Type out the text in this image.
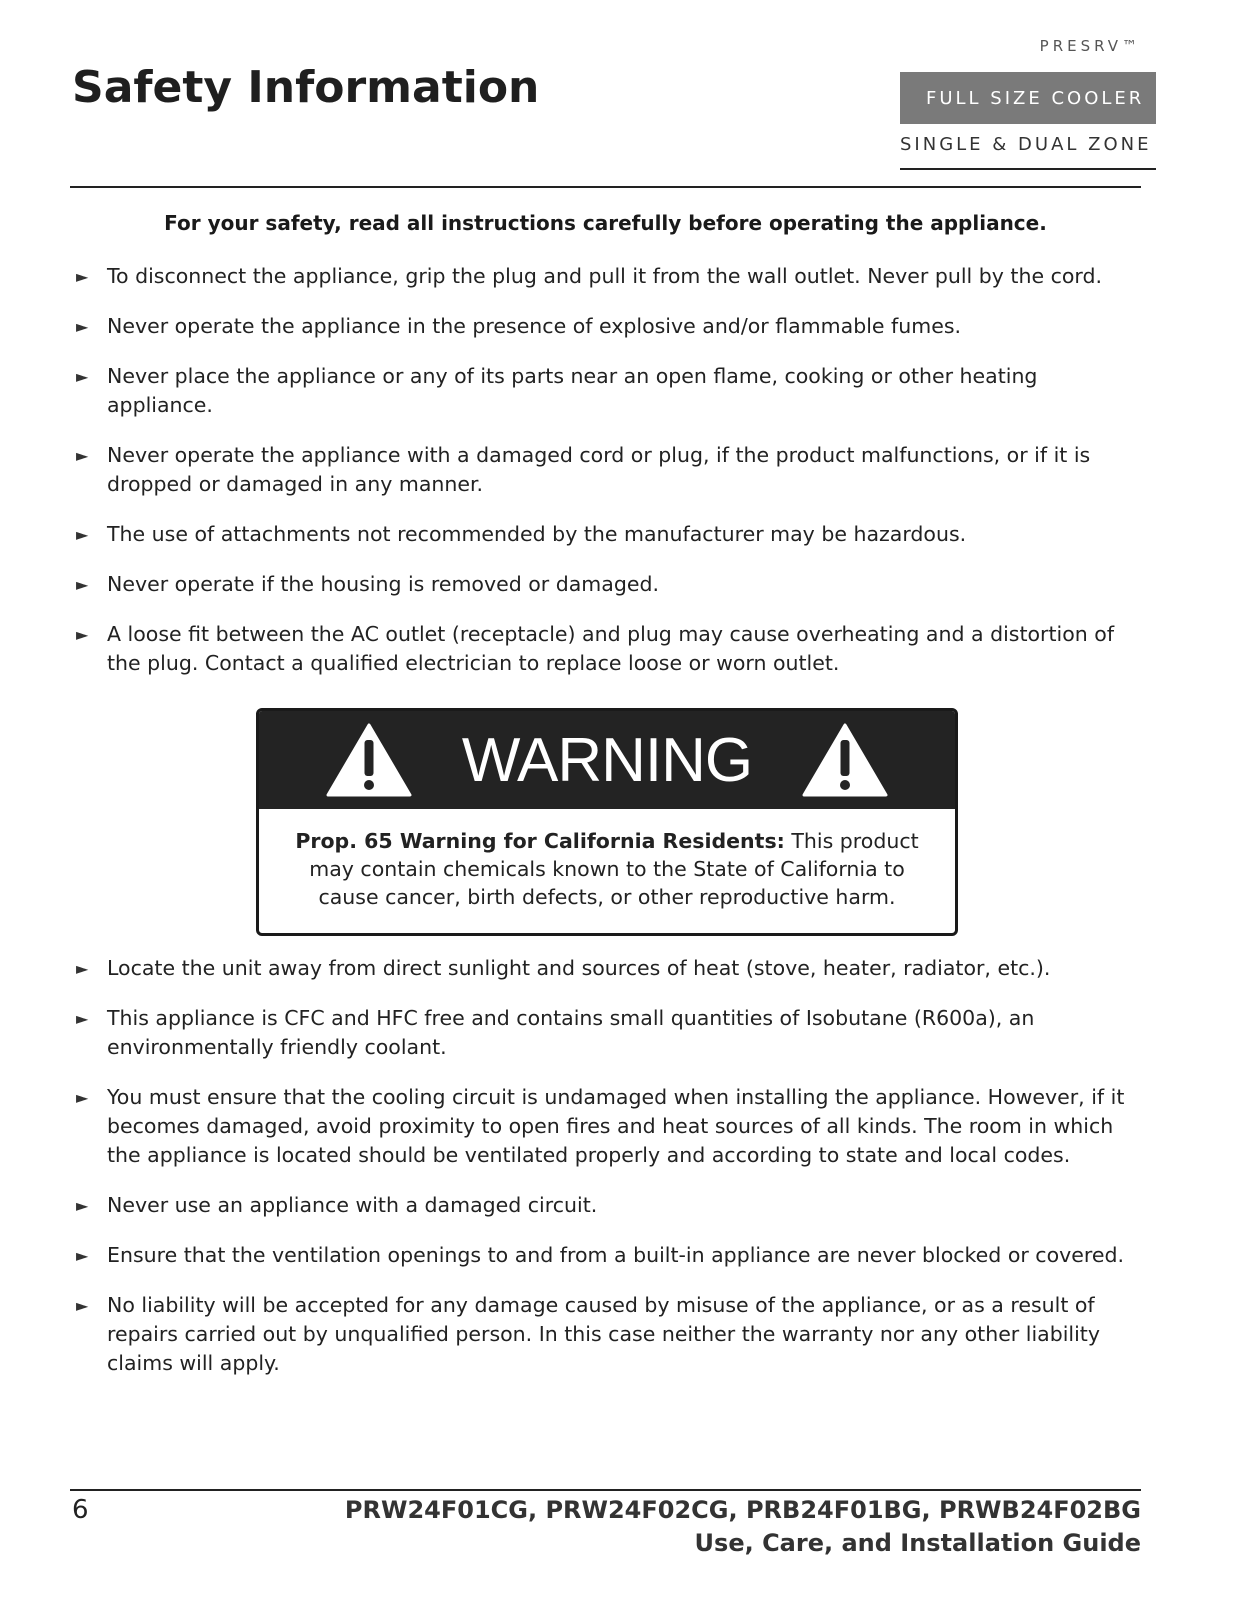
Safety Information
PRESRV™
FULL SIZE COOLER
SINGLE & DUAL ZONE
For your safety, read all instructions carefully before operating the appliance.
► To disconnect the appliance, grip the plug and pull it from the wall outlet. Never pull by the cord.
► Never operate the appliance in the presence of explosive and/or flammable fumes.
► Never place the appliance or any of its parts near an open flame, cooking or other heating appliance.
► Never operate the appliance with a damaged cord or plug, if the product malfunctions, or if it is dropped or damaged in any manner.
► The use of attachments not recommended by the manufacturer may be hazardous.
► Never operate if the housing is removed or damaged.
► A loose fit between the AC outlet (receptacle) and plug may cause overheating and a distortion of the plug. Contact a qualified electrician to replace loose or worn outlet.
WARNING
Prop. 65 Warning for California Residents: This product may contain chemicals known to the State of California to cause cancer, birth defects, or other reproductive harm.
► Locate the unit away from direct sunlight and sources of heat (stove, heater, radiator, etc.).
► This appliance is CFC and HFC free and contains small quantities of Isobutane (R600a), an environmentally friendly coolant.
► You must ensure that the cooling circuit is undamaged when installing the appliance. However, if it becomes damaged, avoid proximity to open fires and heat sources of all kinds. The room in which the appliance is located should be ventilated properly and according to state and local codes.
► Never use an appliance with a damaged circuit.
► Ensure that the ventilation openings to and from a built-in appliance are never blocked or covered.
► No liability will be accepted for any damage caused by misuse of the appliance, or as a result of repairs carried out by unqualified person. In this case neither the warranty nor any other liability claims will apply.
6	PRW24F01CG, PRW24F02CG, PRB24F01BG, PRWB24F02BG
Use, Care, and Installation Guide
